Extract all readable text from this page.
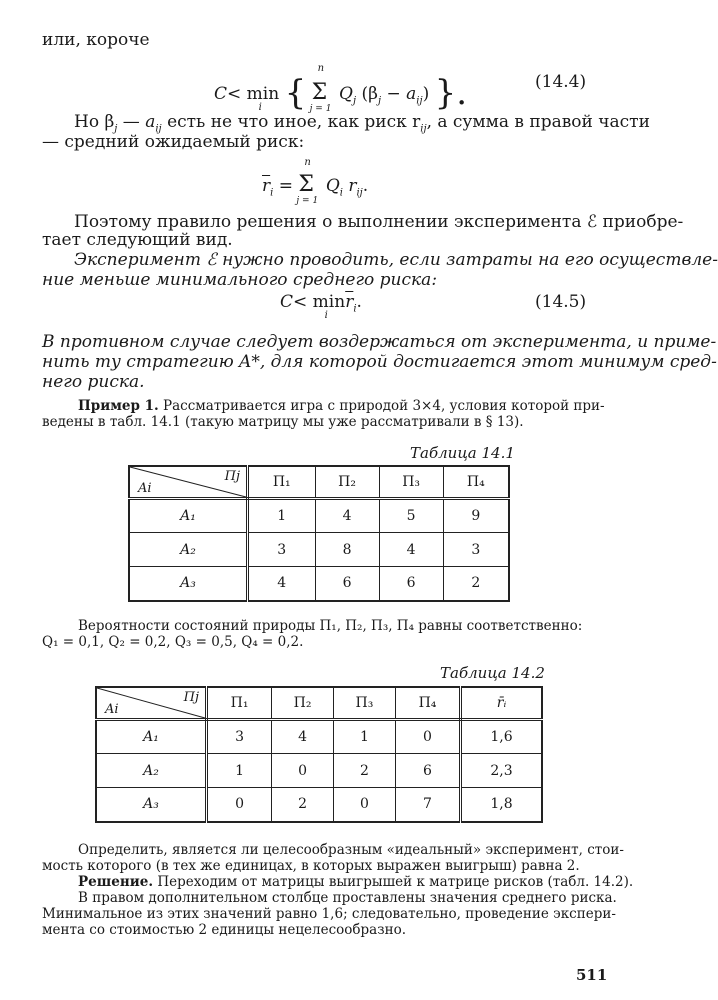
или, короче
C< min
i {
n
Σ
j = 1
$Q_j$ $(\beta_j - a_{ij})$ }.	(14.4)
Но $\beta_j$ — $a_{ij}$ есть не что иное, как риск $r_{ij}$, а сумма в правой части
— средний ожидаемый риск:
$\overline{r}_i$ =
n
Σ
j = 1
$Q_i$ $r_{ij}$.
Поэтому правило решения о выполнении эксперимента ℰ приобре-
тает следующий вид.
Эксперимент ℰ нужно проводить, если затраты на его осуществле-
ние меньше минимального среднего риска:
C< min
i
$\overline{r}_i$.	(14.5)
В противном случае следует воздержаться от эксперимента, и приме-
нить ту стратегию A*, для которой достигается этот минимум сред-
него риска.
Пример 1. Рассматривается игра с природой 3×4, условия которой при-
ведены в табл. 14.1 (такую матрицу мы уже рассматривали в § 13).
Таблица 14.1
Пj
Ai	П₁	П₂	П₃	П₄
A₁	1	4	5	9
A₂	3	8	4	3
A₃	4	6	6	2
Вероятности состояний природы П₁, П₂, П₃, П₄ равны соответственно:
Q₁ = 0,1, Q₂ = 0,2, Q₃ = 0,5, Q₄ = 0,2.
Таблица 14.2
Пj
Ai	П₁	П₂	П₃	П₄	r̄ᵢ
A₁	3	4	1	0	1,6
A₂	1	0	2	6	2,3
A₃	0	2	0	7	1,8
Определить, является ли целесообразным «идеальный» эксперимент, стои-
мость которого (в тех же единицах, в которых выражен выигрыш) равна 2.
Решение. Переходим от матрицы выигрышей к матрице рисков (табл. 14.2).
В правом дополнительном столбце проставлены значения среднего риска.
Минимальное из этих значений равно 1,6; следовательно, проведение экспери-
мента со стоимостью 2 единицы нецелесообразно.
511
